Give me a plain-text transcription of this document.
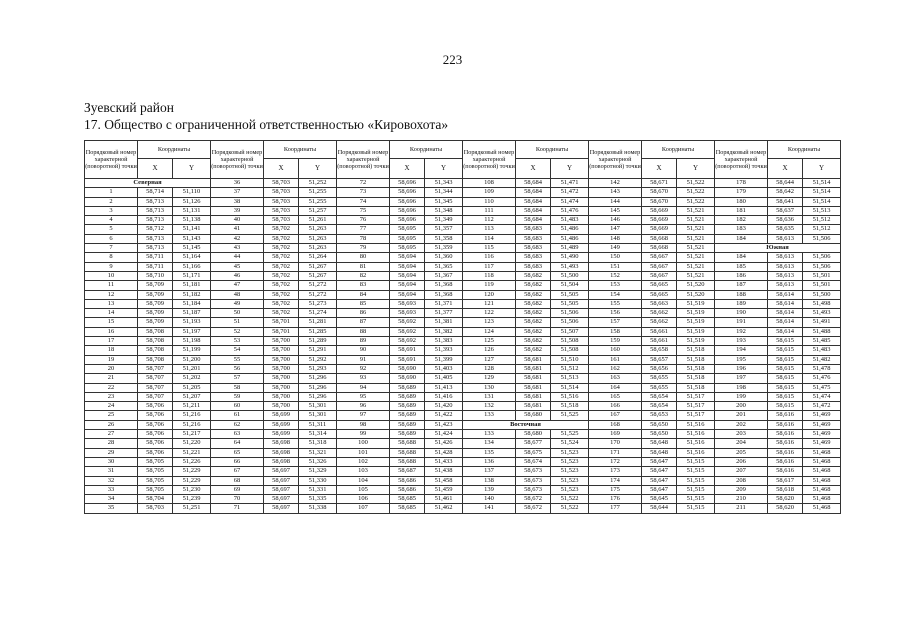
223
Зуевский район
17. Общество с ограниченной ответственностью «Кировохота»
Порядковый номер характерной (поворотной) точки	Координаты		Порядковый номер характерной (поворотной) точки	Координаты		Порядковый номер характерной (поворотной) точки	Координаты		Порядковый номер характерной (поворотной) точки	Координаты		Порядковый номер характерной (поворотной) точки	Координаты		Порядковый номер характерной (поворотной) точки	Координаты	
	X	Y		X	Y		X	Y		X	Y		X	Y		X	Y
Северная			36	58,703	51,252	72	58,696	51,343	108	58,684	51,471	142	58,671	51,522	178	58,644	51,514
1	58,714	51,110	37	58,703	51,255	73	58,696	51,344	109	58,684	51,472	143	58,670	51,522	179	58,642	51,514
2	58,713	51,126	38	58,703	51,255	74	58,696	51,345	110	58,684	51,474	144	58,670	51,522	180	58,641	51,514
3	58,713	51,131	39	58,703	51,257	75	58,696	51,348	111	58,684	51,476	145	58,669	51,521	181	58,637	51,513
4	58,713	51,138	40	58,703	51,261	76	58,696	51,349	112	58,684	51,483	146	58,669	51,521	182	58,636	51,512
5	58,712	51,141	41	58,702	51,263	77	58,695	51,357	113	58,683	51,486	147	58,669	51,521	183	58,635	51,512
6	58,713	51,143	42	58,702	51,263	78	58,695	51,358	114	58,683	51,486	148	58,668	51,521	184	58,613	51,506
7	58,713	51,145	43	58,702	51,263	79	58,695	51,359	115	58,683	51,489	149	58,668	51,521	Южная		
8	58,711	51,164	44	58,702	51,264	80	58,694	51,360	116	58,683	51,490	150	58,667	51,521	184	58,613	51,506
9	58,711	51,166	45	58,702	51,267	81	58,694	51,365	117	58,683	51,493	151	58,667	51,521	185	58,613	51,506
10	58,710	51,171	46	58,702	51,267	82	58,694	51,367	118	58,682	51,500	152	58,667	51,521	186	58,613	51,501
11	58,709	51,181	47	58,702	51,272	83	58,694	51,368	119	58,682	51,504	153	58,665	51,520	187	58,613	51,501
12	58,709	51,182	48	58,702	51,272	84	58,694	51,368	120	58,682	51,505	154	58,665	51,520	188	58,614	51,500
13	58,709	51,184	49	58,702	51,273	85	58,693	51,371	121	58,682	51,505	155	58,663	51,519	189	58,614	51,498
14	58,709	51,187	50	58,702	51,274	86	58,693	51,377	122	58,682	51,506	156	58,662	51,519	190	58,614	51,493
15	58,709	51,193	51	58,701	51,281	87	58,692	51,381	123	58,682	51,506	157	58,662	51,519	191	58,614	51,491
16	58,708	51,197	52	58,701	51,285	88	58,692	51,382	124	58,682	51,507	158	58,661	51,519	192	58,614	51,488
17	58,708	51,198	53	58,700	51,289	89	58,692	51,383	125	58,682	51,508	159	58,661	51,519	193	58,615	51,485
18	58,708	51,199	54	58,700	51,291	90	58,691	51,393	126	58,682	51,508	160	58,658	51,518	194	58,615	51,483
19	58,708	51,200	55	58,700	51,292	91	58,691	51,399	127	58,681	51,510	161	58,657	51,518	195	58,615	51,482
20	58,707	51,201	56	58,700	51,293	92	58,690	51,403	128	58,681	51,512	162	58,656	51,518	196	58,615	51,478
21	58,707	51,202	57	58,700	51,296	93	58,690	51,405	129	58,681	51,513	163	58,655	51,518	197	58,615	51,476
22	58,707	51,205	58	58,700	51,296	94	58,689	51,413	130	58,681	51,514	164	58,655	51,518	198	58,615	51,475
23	58,707	51,207	59	58,700	51,296	95	58,689	51,416	131	58,681	51,516	165	58,654	51,517	199	58,615	51,474
24	58,706	51,211	60	58,700	51,301	96	58,689	51,420	132	58,681	51,518	166	58,654	51,517	200	58,615	51,472
25	58,706	51,216	61	58,699	51,301	97	58,689	51,422	133	58,680	51,525	167	58,653	51,517	201	58,616	51,469
26	58,706	51,216	62	58,699	51,311	98	58,689	51,423	Восточная			168	58,650	51,516	202	58,616	51,469
27	58,706	51,217	63	58,699	51,314	99	58,689	51,424	133	58,680	51,525	169	58,650	51,516	203	58,616	51,469
28	58,706	51,220	64	58,698	51,318	100	58,688	51,426	134	58,677	51,524	170	58,648	51,516	204	58,616	51,469
29	58,706	51,221	65	58,698	51,321	101	58,688	51,428	135	58,675	51,523	171	58,648	51,516	205	58,616	51,468
30	58,705	51,226	66	58,698	51,326	102	58,688	51,433	136	58,674	51,523	172	58,647	51,515	206	58,616	51,468
31	58,705	51,229	67	58,697	51,329	103	58,687	51,438	137	58,673	51,523	173	58,647	51,515	207	58,616	51,468
32	58,705	51,229	68	58,697	51,330	104	58,686	51,458	138	58,673	51,523	174	58,647	51,515	208	58,617	51,468
33	58,705	51,230	69	58,697	51,331	105	58,686	51,459	139	58,673	51,523	175	58,647	51,515	209	58,618	51,468
34	58,704	51,239	70	58,697	51,335	106	58,685	51,461	140	58,672	51,522	176	58,645	51,515	210	58,620	51,468
35	58,703	51,251	71	58,697	51,338	107	58,685	51,462	141	58,672	51,522	177	58,644	51,515	211	58,620	51,468
